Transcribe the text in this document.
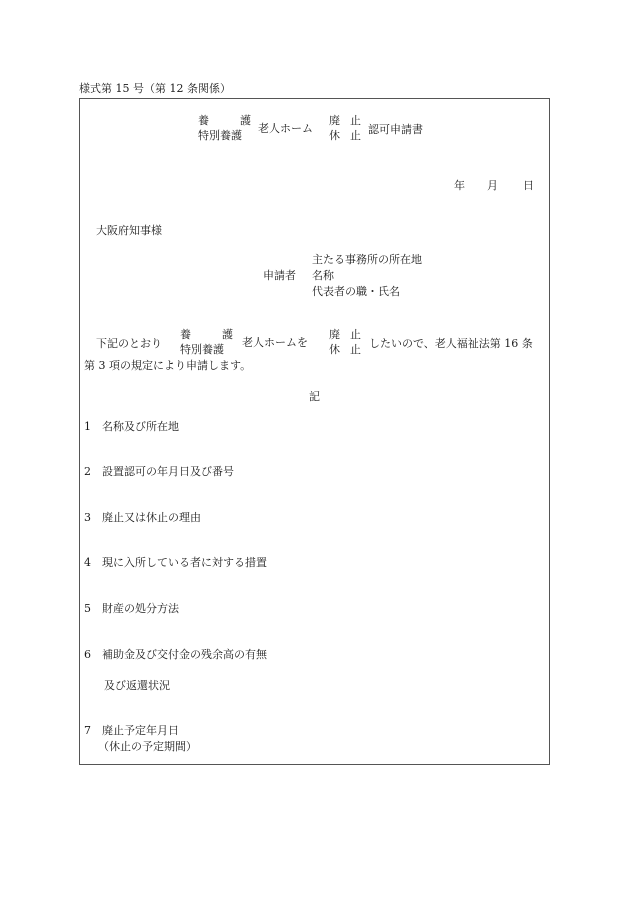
様式第 15 号（第 12 条関係）
養　護
特別養護
老人ホーム
廃止
休止
認可申請書
年 月 日
大阪府知事様
申請者
主たる事務所の所在地
名称
代表者の職・氏名
下記のとおり
養　護
特別養護
老人ホームを
廃止
休止
したいので、老人福祉法第 16 条
第 3 項の規定により申請します。
記
1 名称及び所在地
2 設置認可の年月日及び番号
3 廃止又は休止の理由
4 現に入所している者に対する措置
5 財産の処分方法
6 補助金及び交付金の残余高の有無
及び返還状況
7 廃止予定年月日
（休止の予定期間）
